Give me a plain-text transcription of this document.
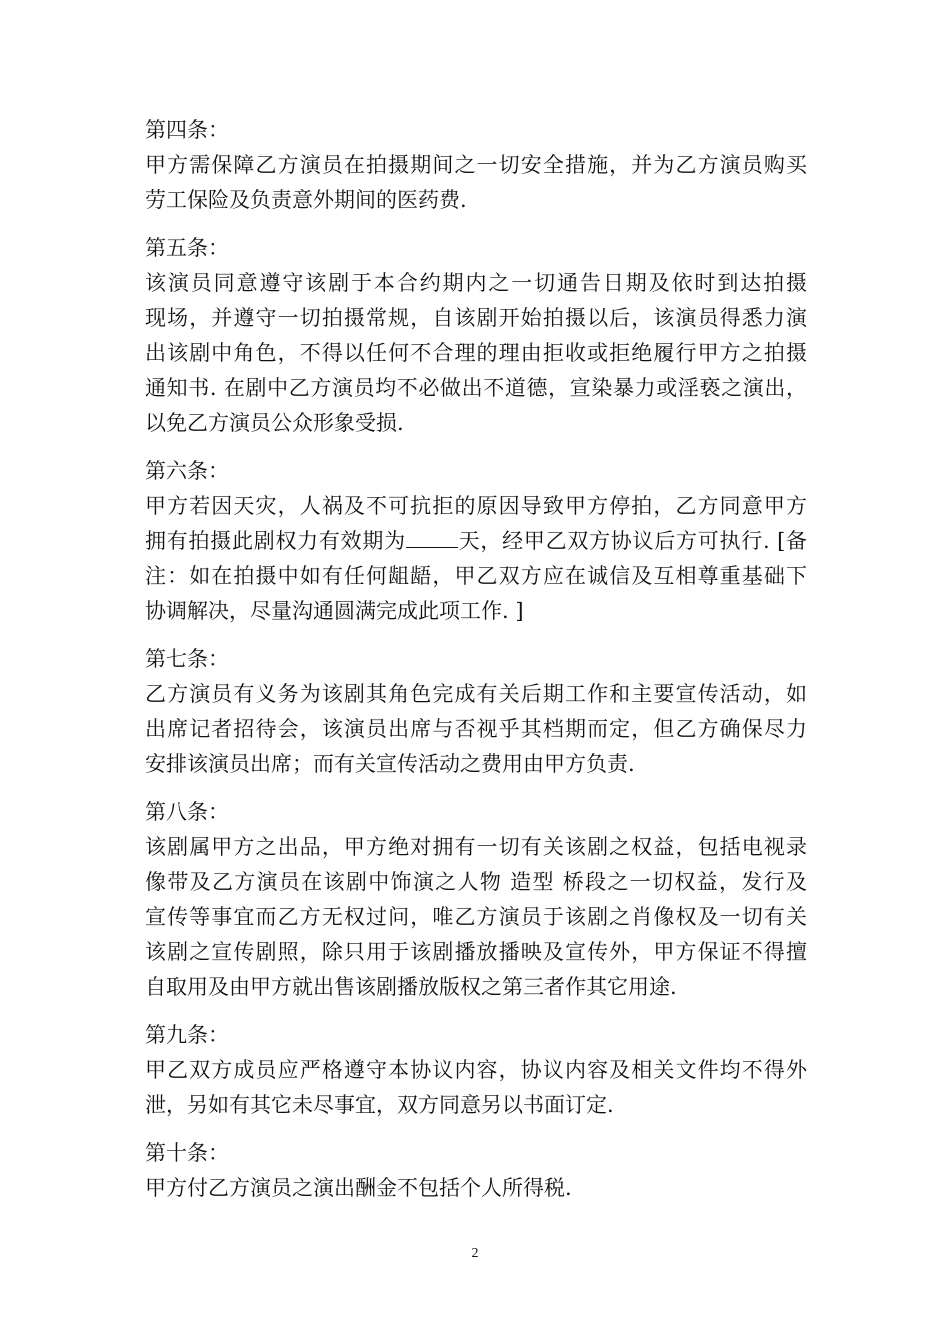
第四条：
甲方需保障乙方演员在拍摄期间之一切安全措施，并为乙方演员购买
劳工保险及负责意外期间的医药费.
第五条：
该演员同意遵守该剧于本合约期内之一切通告日期及依时到达拍摄
现场，并遵守一切拍摄常规，自该剧开始拍摄以后，该演员得悉力演
出该剧中角色，不得以任何不合理的理由拒收或拒绝履行甲方之拍摄
通知书. 在剧中乙方演员均不必做出不道德，宣染暴力或淫亵之演出，
以免乙方演员公众形象受损.
第六条：
甲方若因天灾，人祸及不可抗拒的原因导致甲方停拍，乙方同意甲方
拥有拍摄此剧权力有效期为 天，经甲乙双方协议后方可执行. [备
注：如在拍摄中如有任何龃龉，甲乙双方应在诚信及互相尊重基础下
协调解决，尽量沟通圆满完成此项工作. ]
第七条：
乙方演员有义务为该剧其角色完成有关后期工作和主要宣传活动，如
出席记者招待会，该演员出席与否视乎其档期而定，但乙方确保尽力
安排该演员出席；而有关宣传活动之费用由甲方负责.
第八条：
该剧属甲方之出品，甲方绝对拥有一切有关该剧之权益，包括电视录
像带及乙方演员在该剧中饰演之人物 造型 桥段之一切权益，发行及
宣传等事宜而乙方无权过问，唯乙方演员于该剧之肖像权及一切有关
该剧之宣传剧照，除只用于该剧播放播映及宣传外，甲方保证不得擅
自取用及由甲方就出售该剧播放版权之第三者作其它用途.
第九条：
甲乙双方成员应严格遵守本协议内容，协议内容及相关文件均不得外
泄，另如有其它未尽事宜，双方同意另以书面订定.
第十条：
甲方付乙方演员之演出酬金不包括个人所得税.
2
